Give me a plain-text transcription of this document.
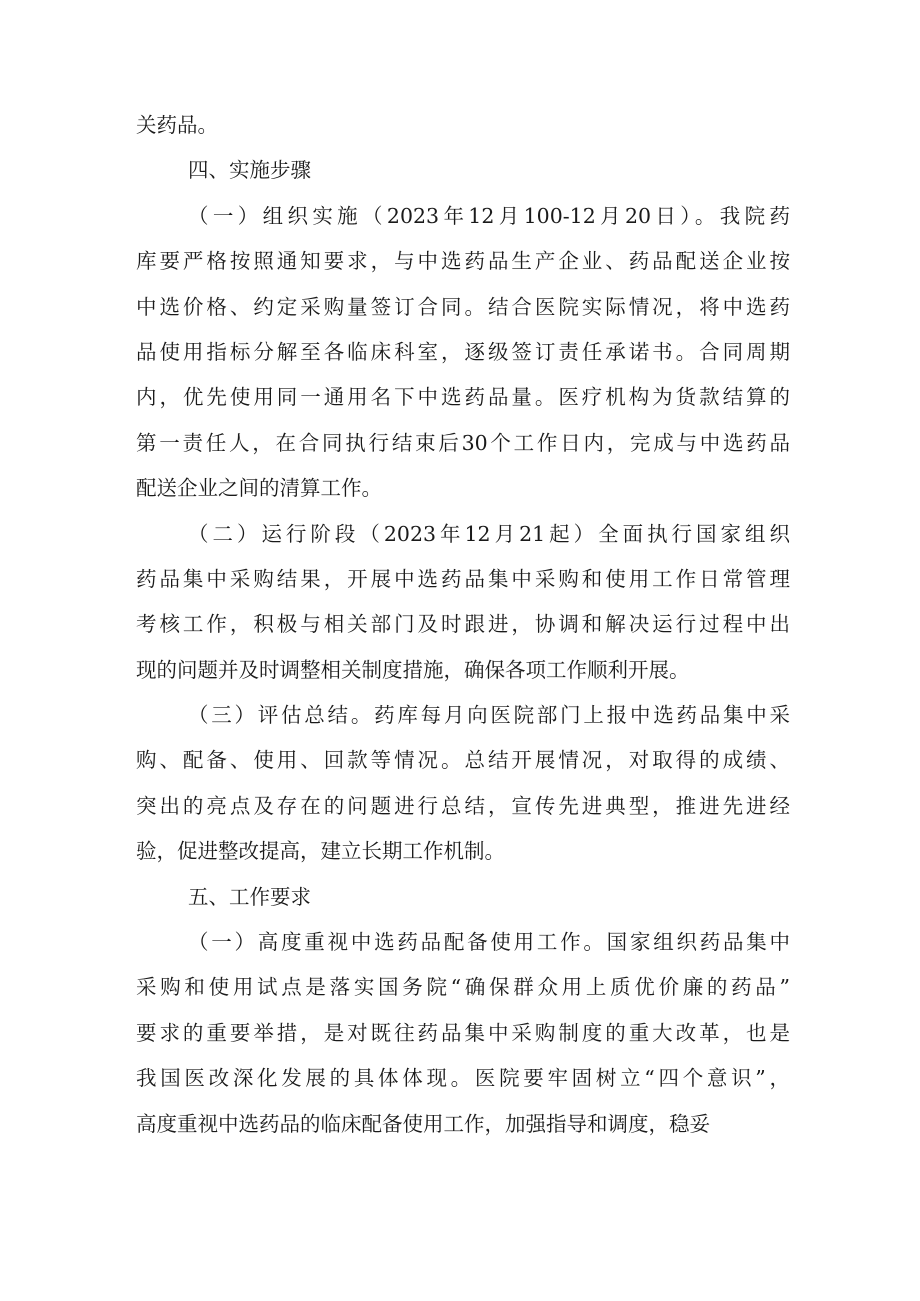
关药品。
四、实施步骤
（一）组织实施（2023年12月100-12月20日）。我院药
库要严格按照通知要求，与中选药品生产企业、药品配送企业按
中选价格、约定采购量签订合同。结合医院实际情况，将中选药
品使用指标分解至各临床科室，逐级签订责任承诺书。合同周期
内，优先使用同一通用名下中选药品量。医疗机构为货款结算的
第一责任人，在合同执行结束后30个工作日内，完成与中选药品
配送企业之间的清算工作。
（二）运行阶段（2023年12月21起）全面执行国家组织
药品集中采购结果，开展中选药品集中采购和使用工作日常管理
考核工作，积极与相关部门及时跟进，协调和解决运行过程中出
现的问题并及时调整相关制度措施，确保各项工作顺利开展。
（三）评估总结。药库每月向医院部门上报中选药品集中采
购、配备、使用、回款等情况。总结开展情况，对取得的成绩、
突出的亮点及存在的问题进行总结，宣传先进典型，推进先进经
验，促进整改提高，建立长期工作机制。
五、工作要求
（一）高度重视中选药品配备使用工作。国家组织药品集中
采购和使用试点是落实国务院“确保群众用上质优价廉的药品”
要求的重要举措，是对既往药品集中采购制度的重大改革，也是
我国医改深化发展的具体体现。医院要牢固树立“四个意识”，
高度重视中选药品的临床配备使用工作，加强指导和调度，稳妥
